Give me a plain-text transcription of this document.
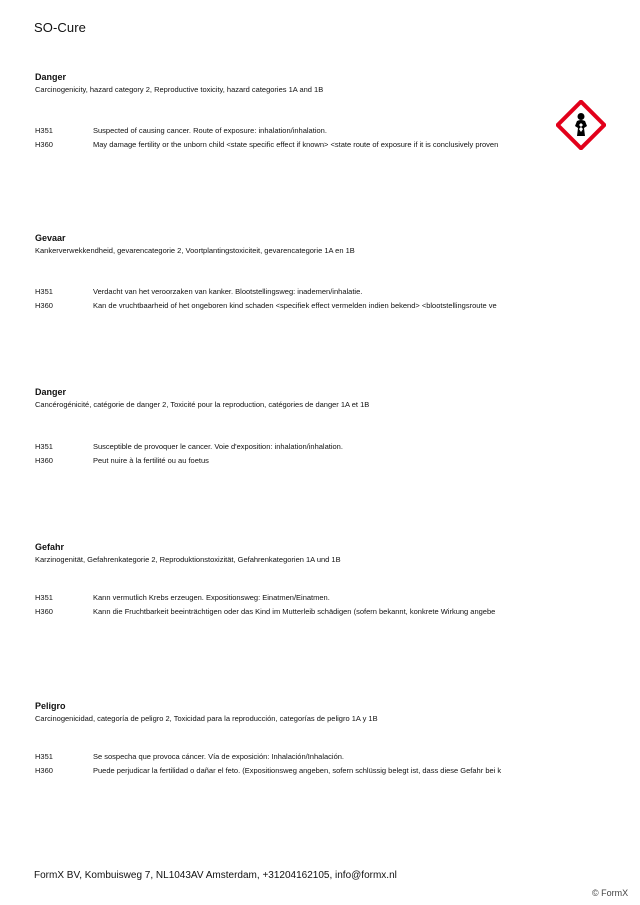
SO-Cure
Danger
Carcinogenicity, hazard category 2, Reproductive toxicity, hazard categories 1A and 1B
H351	Suspected of causing cancer. Route of exposure: inhalation/inhalation.
H360	May damage fertility or the unborn child <state specific effect if known> <state route of exposure if it is conclusively proven
Gevaar
Kankerverwekkendheid, gevarencategorie 2, Voortplantingstoxiciteit, gevarencategorie 1A en 1B
H351	Verdacht van het veroorzaken van kanker. Blootstellingsweg: inademen/inhalatie.
H360	Kan de vruchtbaarheid of het ongeboren kind schaden <specifiek effect vermelden indien bekend> <blootstellingsroute ve
Danger
Cancérogénicité, catégorie de danger 2, Toxicité pour la reproduction, catégories de danger 1A et 1B
H351	Susceptible de provoquer le cancer. Voie d'exposition: inhalation/inhalation.
H360	Peut nuire à la fertilité ou au foetus
Gefahr
Karzinogenität, Gefahrenkategorie 2, Reproduktionstoxizität, Gefahrenkategorien 1A und 1B
H351	Kann vermutlich Krebs erzeugen. Expositionsweg: Einatmen/Einatmen.
H360	Kann die Fruchtbarkeit beeinträchtigen oder das Kind im Mutterleib schädigen (sofern bekannt, konkrete Wirkung angebe
Peligro
Carcinogenicidad, categoría de peligro 2, Toxicidad para la reproducción, categorías de peligro 1A y 1B
H351	Se sospecha que provoca cáncer. Vía de exposición: Inhalación/Inhalación.
H360	Puede perjudicar la fertilidad o dañar el feto. (Expositionsweg angeben, sofern schlüssig belegt ist, dass diese Gefahr bei k
FormX BV, Kombuisweg 7, NL1043AV Amsterdam, +31204162105, info@formx.nl
© FormX
